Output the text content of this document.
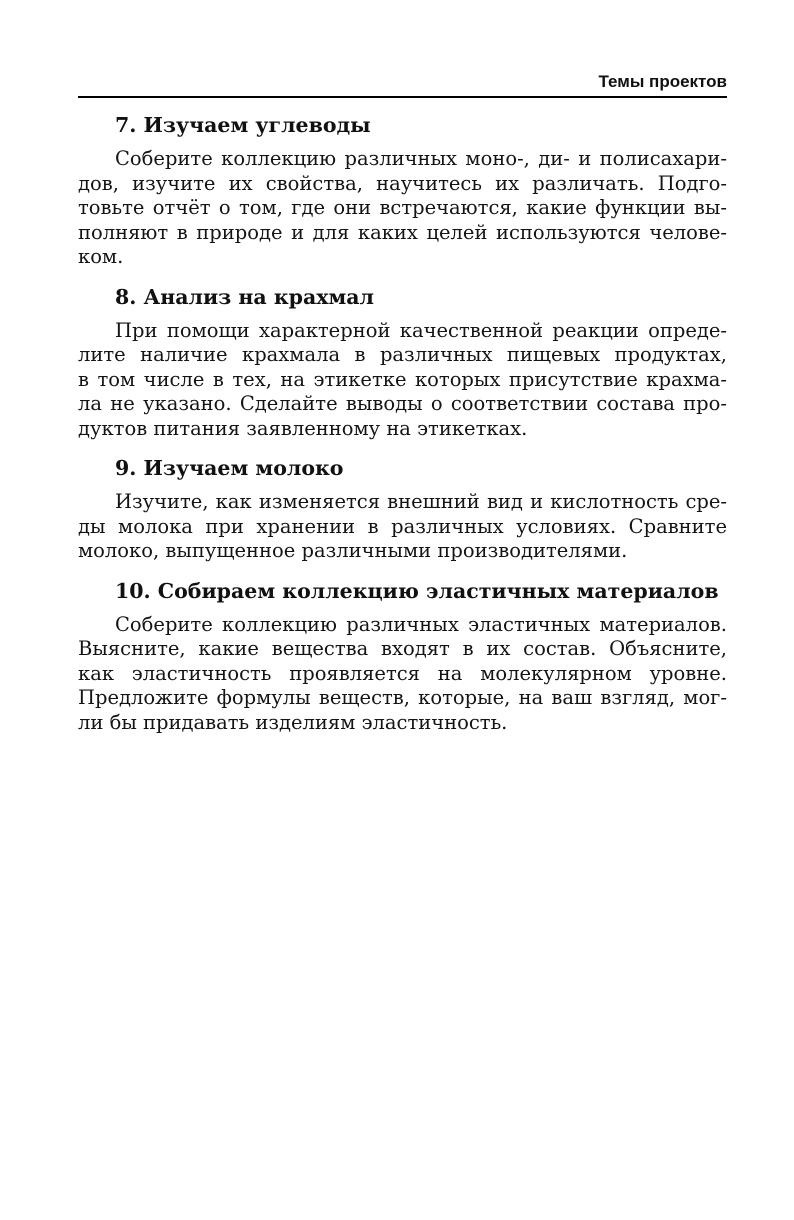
Темы проектов
7. Изучаем углеводы

Соберите коллекцию различных моно-, ди- и полисахари-
дов, изучите их свойства, научитесь их различать. Подго-
товьте отчёт о том, где они встречаются, какие функции вы-
полняют в природе и для каких целей используются челове-
ком.

8. Анализ на крахмал

При помощи характерной качественной реакции опреде-
лите наличие крахмала в различных пищевых продуктах,
в том числе в тех, на этикетке которых присутствие крахма-
ла не указано. Сделайте выводы о соответствии состава про-
дуктов питания заявленному на этикетках.

9. Изучаем молоко

Изучите, как изменяется внешний вид и кислотность сре-
ды молока при хранении в различных условиях. Сравните
молоко, выпущенное различными производителями.

10. Собираем коллекцию эластичных материалов

Соберите коллекцию различных эластичных материалов.
Выясните, какие вещества входят в их состав. Объясните,
как эластичность проявляется на молекулярном уровне.
Предложите формулы веществ, которые, на ваш взгляд, мог-
ли бы придавать изделиям эластичность.
